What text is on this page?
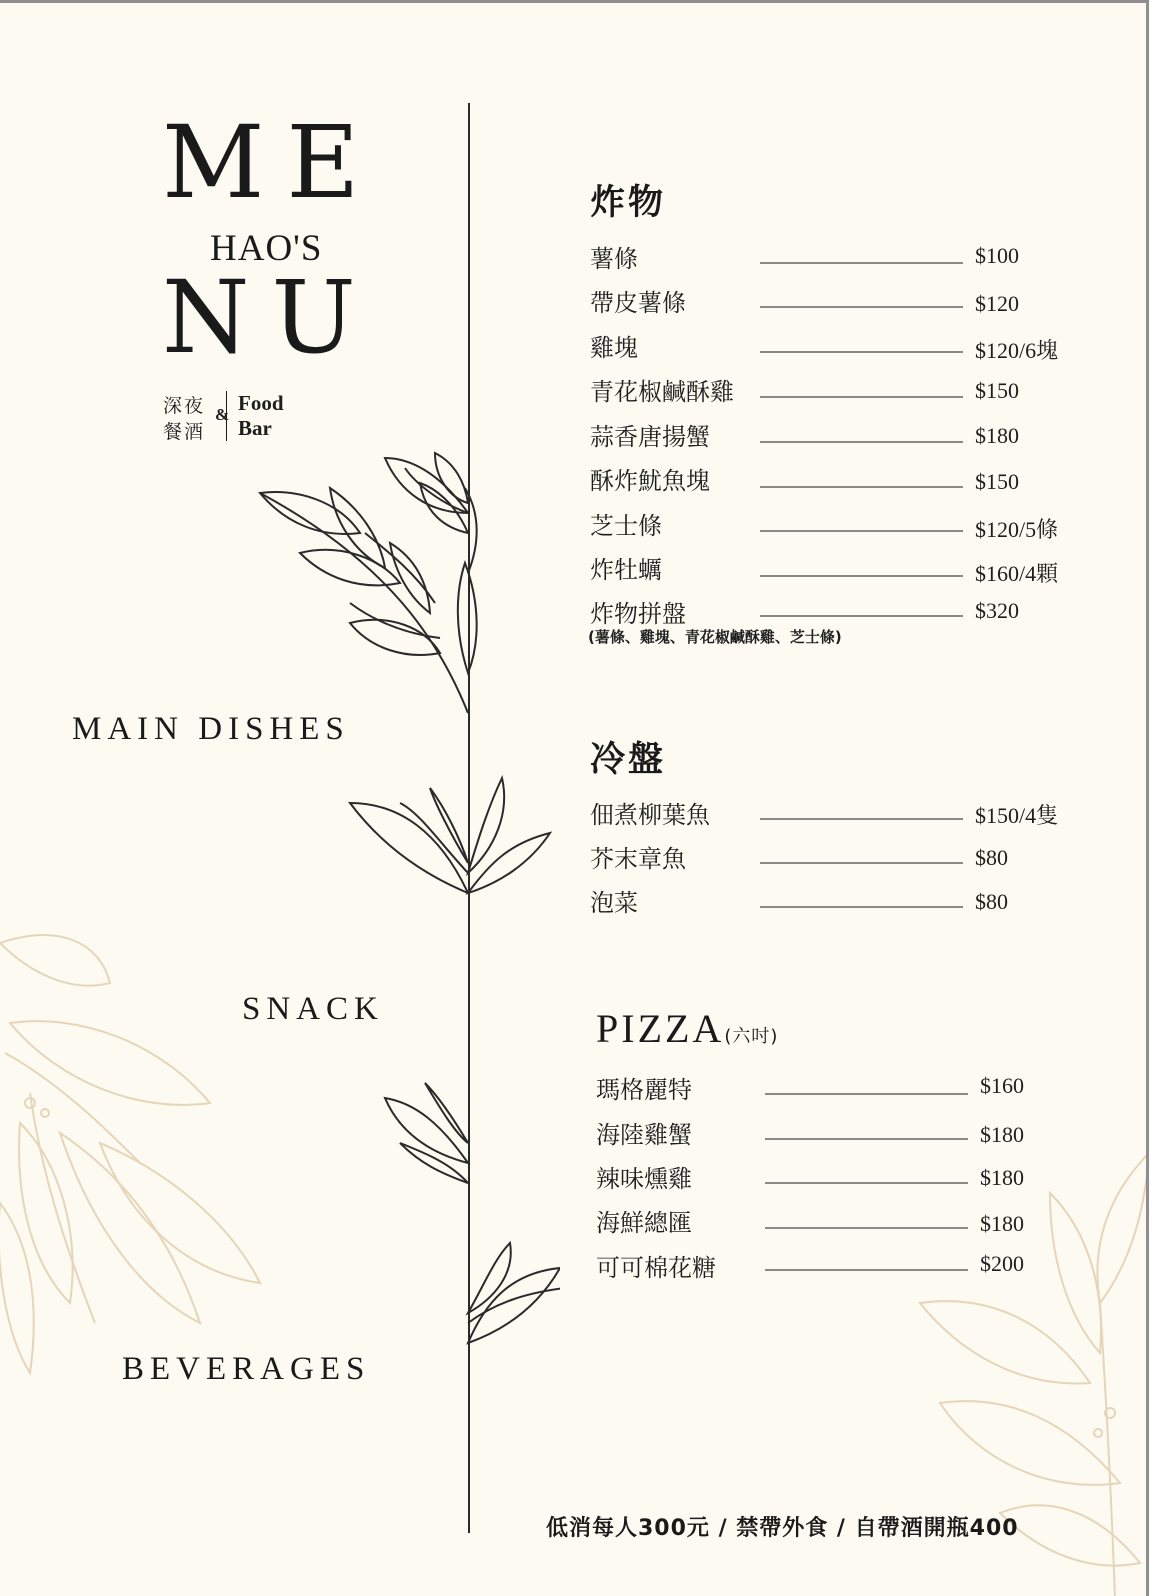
ME
HAO'S
NU
深夜
餐酒
& Food
Bar
MAIN DISHES
SNACK
BEVERAGES
炸物
薯條	$100
帶皮薯條	$120
雞塊	$120/6塊
青花椒鹹酥雞	$150
蒜香唐揚蟹	$180
酥炸魷魚塊	$150
芝士條	$120/5條
炸牡蠣	$160/4顆
炸物拼盤	$320
(薯條、雞塊、青花椒鹹酥雞、芝士條)
冷盤
佃煮柳葉魚	$150/4隻
芥末章魚	$80
泡菜	$80
PIZZA(六吋)
瑪格麗特	$160
海陸雞蟹	$180
辣味燻雞	$180
海鮮總匯	$180
可可棉花糖	$200
低消每人300元 / 禁帶外食 / 自帶酒開瓶400
